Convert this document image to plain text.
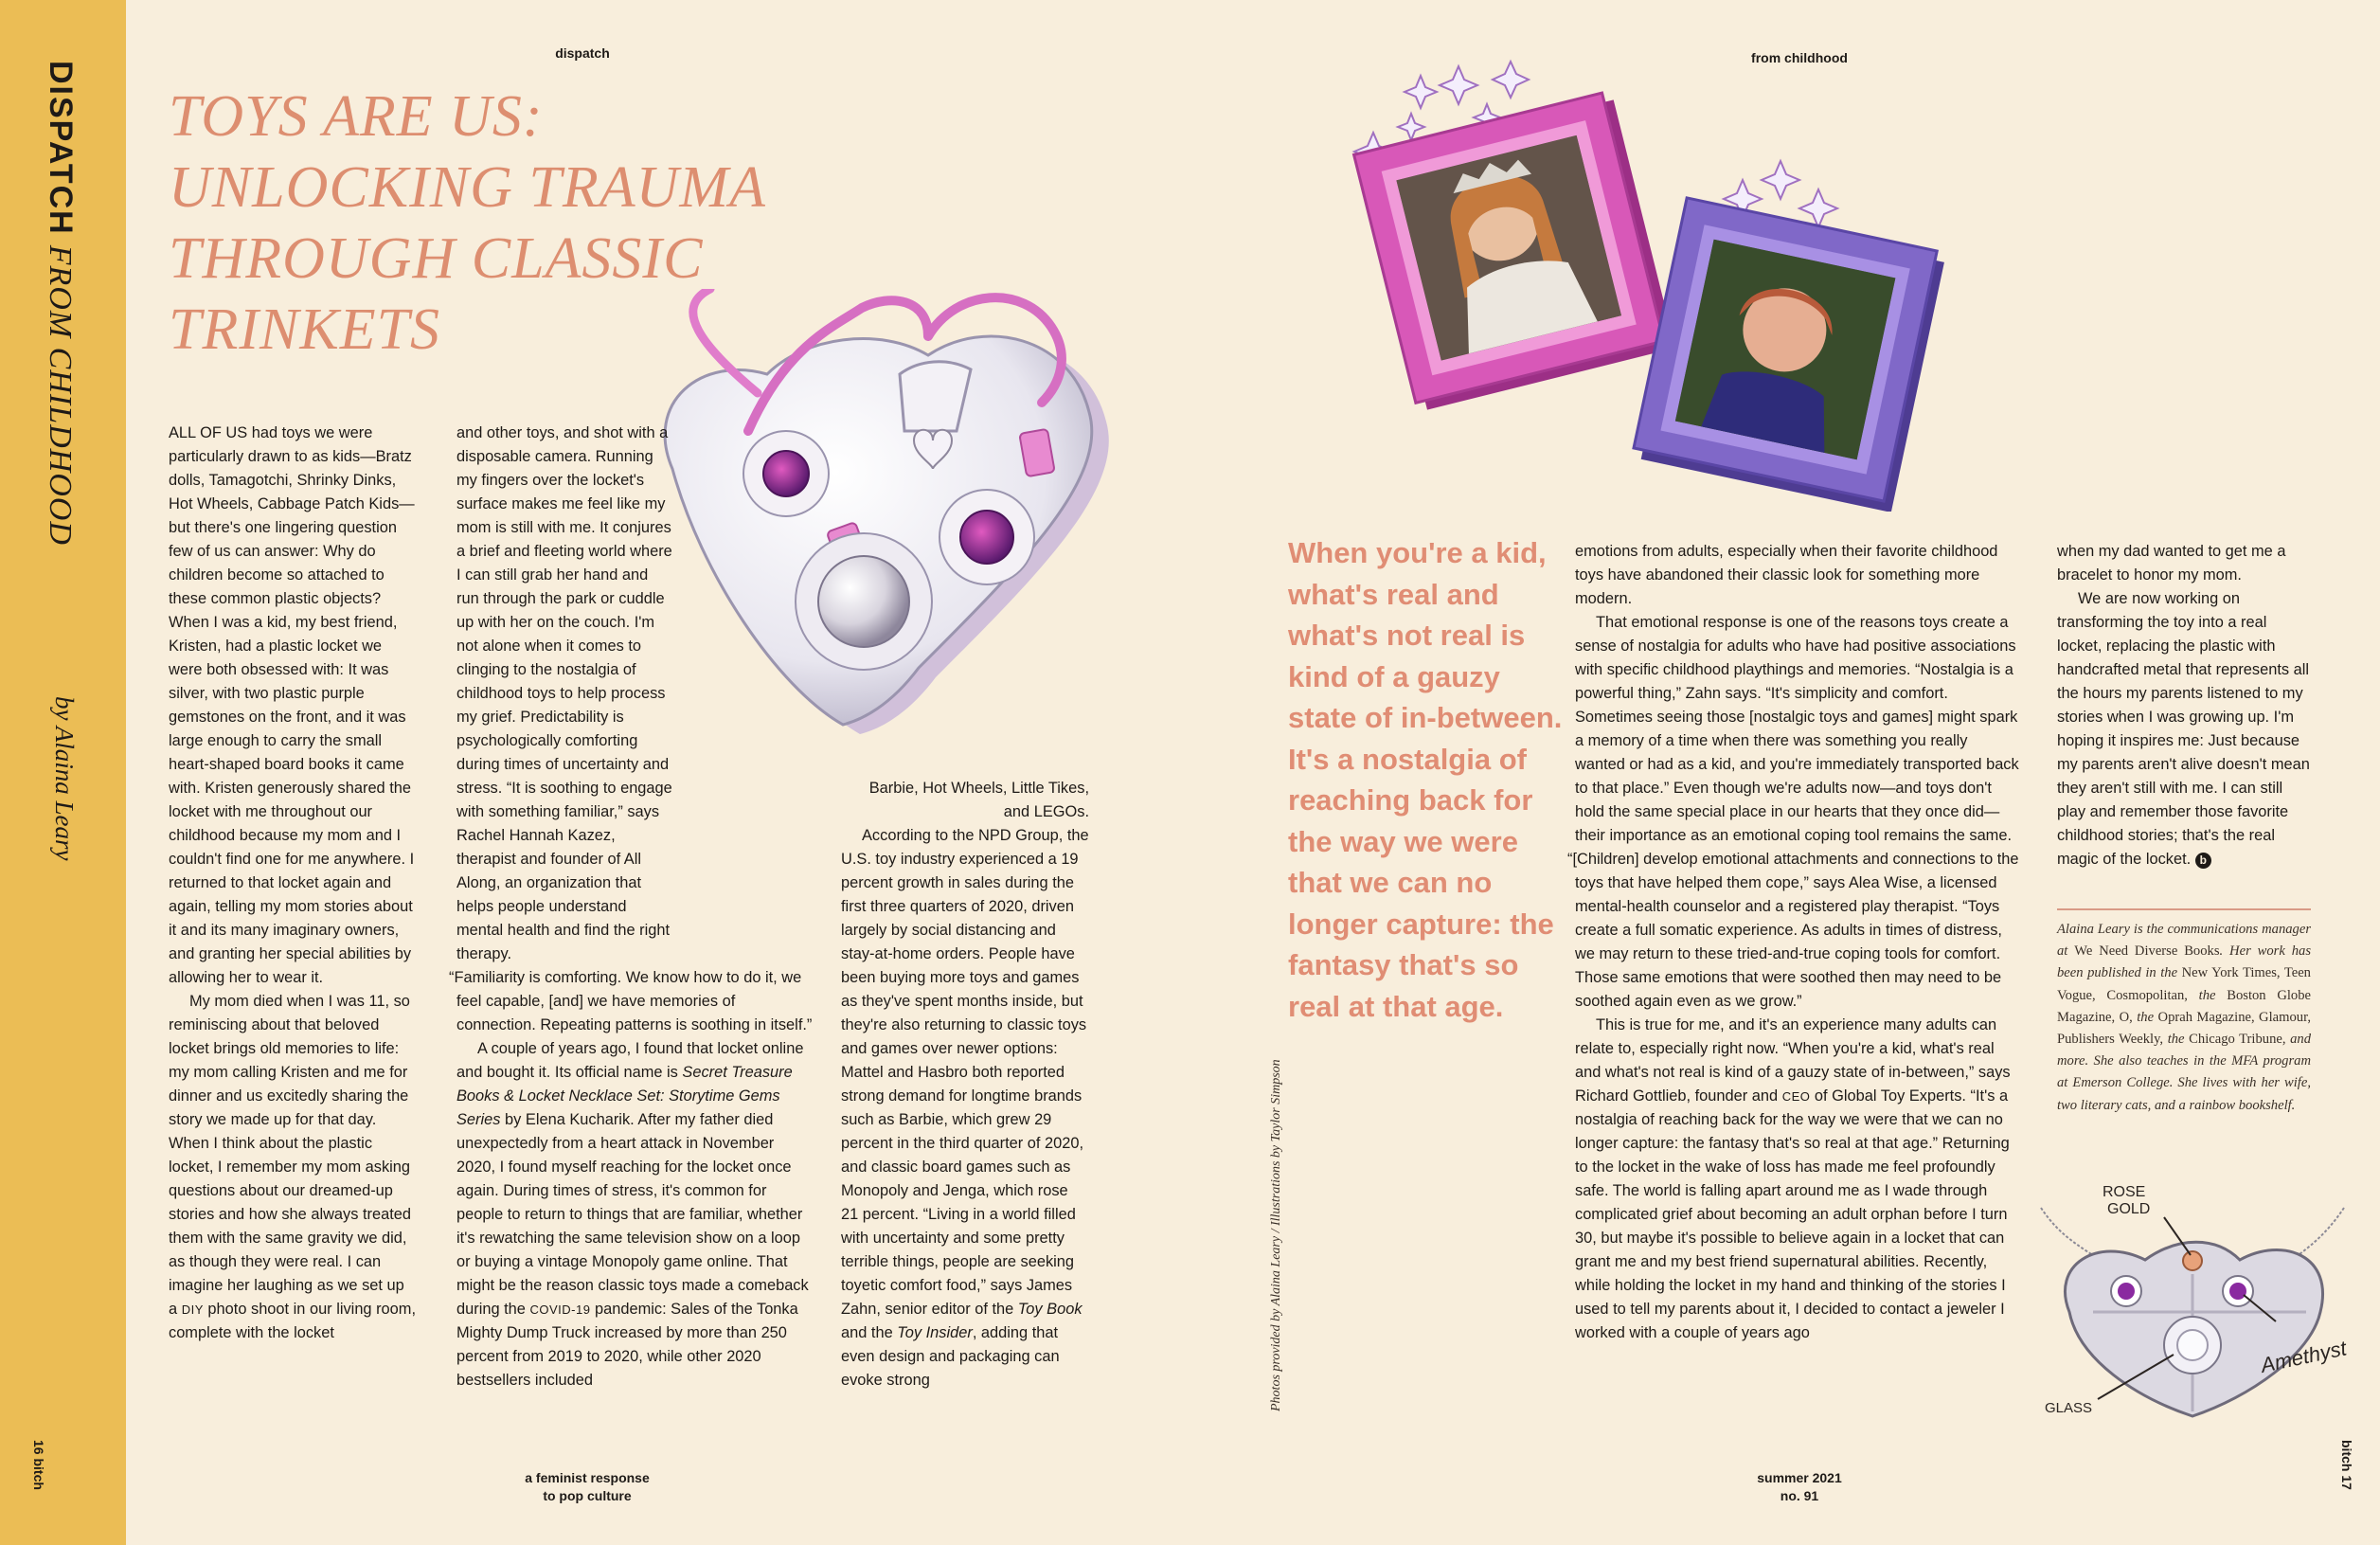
DISPATCHFROM CHILDHOOD
by Alaina Leary
16 bitch	bitch 17
dispatch	from childhood
a feminist response
to pop culture
summer 2021
no. 91
TOYS ARE US:
UNLOCKING TRAUMA
THROUGH CLASSIC
TRINKETS

ALL OF US had toys we were particularly drawn to as kids—Bratz dolls, Tamagotchi, Shrinky Dinks, Hot Wheels, Cabbage Patch Kids—but there's one lingering question few of us can answer: Why do children become so attached to these common plastic objects? When I was a kid, my best friend, Kristen, had a plastic locket we were both obsessed with: It was silver, with two plastic purple gemstones on the front, and it was large enough to carry the small heart-shaped board books it came with. Kristen generously shared the locket with me throughout our childhood because my mom and I couldn't find one for me anywhere. I returned to that locket again and again, telling my mom stories about it and its many imaginary owners, and granting her special abilities by allowing her to wear it.

My mom died when I was 11, so reminiscing about that beloved locket brings old memories to life: my mom calling Kristen and me for dinner and us excitedly sharing the story we made up for that day. When I think about the plastic locket, I remember my mom asking questions about our dreamed-up stories and how she always treated them with the same gravity we did, as though they were real. I can imagine her laughing as we set up a DIY photo shoot in our living room, complete with the locket

and other toys, and shot with a disposable camera. Running my fingers over the locket's surface makes me feel like my mom is still with me. It conjures a brief and fleeting world where I can still grab her hand and run through the park or cuddle up with her on the couch. I'm not alone when it comes to clinging to the nostalgia of childhood toys to help process my grief. Predictability is psychologically comforting during times of uncertainty and stress. “It is soothing to engage with something familiar,” says Rachel Hannah Kazez, therapist and founder of All Along, an organization that helps people understand mental health and find the right therapy.

“Familiarity is comforting. We know how to do it, we feel capable, [and] we have memories of connection. Repeating patterns is soothing in itself.”

A couple of years ago, I found that locket online and bought it. Its official name is Secret Treasure Books & Locket Necklace Set: Storytime Gems Series by Elena Kucharik. After my father died unexpectedly from a heart attack in November 2020, I found myself reaching for the locket once again. During times of stress, it's common for people to return to things that are familiar, whether it's rewatching the same television show on a loop or buying a vintage Monopoly game online. That might be the reason classic toys made a comeback during the COVID-19 pandemic: Sales of the Tonka Mighty Dump Truck increased by more than 250 percent from 2019 to 2020, while other 2020 bestsellers included

Barbie, Hot Wheels, Little Tikes, and LEGOs.

According to the NPD Group, the U.S. toy industry experienced a 19 percent growth in sales during the first three quarters of 2020, driven largely by social distancing and stay-at-home orders. People have been buying more toys and games as they've spent months inside, but they're also returning to classic toys and games over newer options: Mattel and Hasbro both reported strong demand for longtime brands such as Barbie, which grew 29 percent in the third quarter of 2020, and classic board games such as Monopoly and Jenga, which rose 21 percent. “Living in a world filled with uncertainty and some pretty terrible things, people are seeking toyetic comfort food,” says James Zahn, senior editor of the Toy Book and the Toy Insider, adding that even design and packaging can evoke strong	Photos provided by Alaina Leary / Illustrations by Taylor Simpson

When you're a kid, what's real and what's not real is kind of a gauzy state of in-between. It's a nostalgia of reaching back for the way we were that we can no longer capture: the fantasy that's so real at that age.

emotions from adults, especially when their favorite childhood toys have abandoned their classic look for something more modern.

That emotional response is one of the reasons toys create a sense of nostalgia for adults who have had positive associations with specific childhood playthings and memories. “Nostalgia is a powerful thing,” Zahn says. “It's simplicity and comfort. Sometimes seeing those [nostalgic toys and games] might spark a memory of a time when there was something you really wanted or had as a kid, and you're immediately transported back to that place.” Even though we're adults now—and toys don't hold the same special place in our hearts that they once did—their importance as an emotional coping tool remains the same.

“[Children] develop emotional attachments and connections to the toys that have helped them cope,” says Alea Wise, a licensed mental-health counselor and a registered play therapist. “Toys create a full somatic experience. As adults in times of distress, we may return to these tried-and-true coping tools for comfort. Those same emotions that were soothed then may need to be soothed again even as we grow.”

This is true for me, and it's an experience many adults can relate to, especially right now. “When you're a kid, what's real and what's not real is kind of a gauzy state of in-between,” says Richard Gottlieb, founder and CEO of Global Toy Experts. “It's a nostalgia of reaching back for the way we were that we can no longer capture: the fantasy that's so real at that age.” Returning to the locket in the wake of loss has made me feel profoundly safe. The world is falling apart around me as I wade through complicated grief about becoming an adult orphan before I turn 30, but maybe it's possible to believe again in a locket that can grant me and my best friend supernatural abilities. Recently, while holding the locket in my hand and thinking of the stories I used to tell my parents about it, I decided to contact a jeweler I worked with a couple of years ago

when my dad wanted to get me a bracelet to honor my mom.

We are now working on transforming the toy into a real locket, replacing the plastic with handcrafted metal that represents all the hours my parents listened to my stories when I was growing up. I'm hoping it inspires me: Just because my parents aren't alive doesn't mean they aren't still with me. I can still play and remember those favorite childhood stories; that's the real magic of the locket. b

Alaina Leary is the communications manager at We Need Diverse Books. Her work has been published in the New York Times, Teen Vogue, Cosmopolitan, the Boston Globe Magazine, O, the Oprah Magazine, Glamour, Publishers Weekly, the Chicago Tribune, and more. She also teaches in the MFA program at Emerson College. She lives with her wife, two literary cats, and a rainbow bookshelf.

ROSE
GOLD
Amethyst
GLASS
